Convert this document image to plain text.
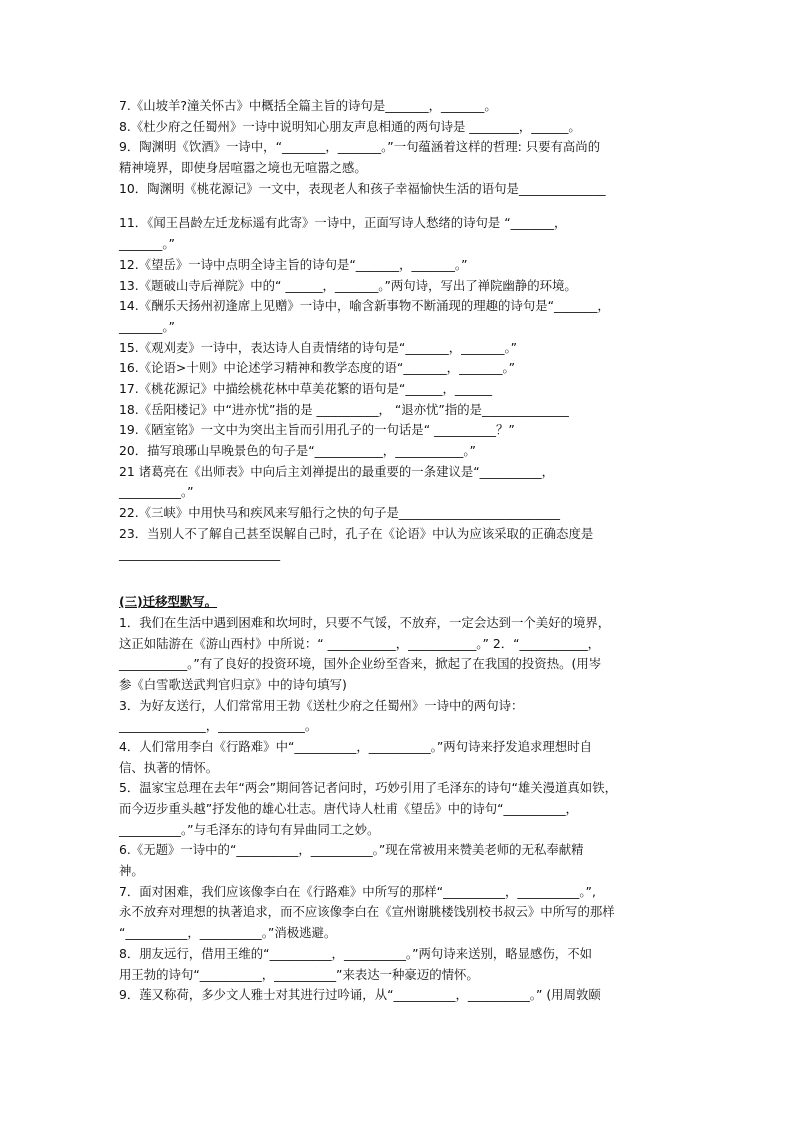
7.《山坡羊?潼关怀古》中概括全篇主旨的诗句是_______，_______。
8.《杜少府之任蜀州》一诗中说明知心朋友声息相通的两句诗是 ________，______。
9．陶渊明《饮酒》一诗中，“_______，_______。”一句蕴涵着这样的哲理: 只要有高尚的
精神境界，即使身居喧嚣之境也无喧嚣之感。
10．陶渊明《桃花源记》一文中，表现老人和孩子幸福愉快生活的语句是______________
11．《闻王昌龄左迁龙标遥有此寄》一诗中，正面写诗人愁绪的诗句是 “_______，
_______。”
12.《望岳》一诗中点明全诗主旨的诗句是“_______，_______。”
13.《题破山寺后禅院》中的“ ______，_______。”两句诗，写出了禅院幽静的环境。
14.《酬乐天扬州初逢席上见赠》一诗中，喻含新事物不断涌现的理趣的诗句是“_______，
_______。”
15.《观刈麦》一诗中，表达诗人自责情绪的诗句是“_______，_______。”
16.《论语>十则》中论述学习精神和教学态度的语“_______，_______。”
17.《桃花源记》中描绘桃花林中草美花繁的语句是“______，______
18.《岳阳楼记》中“进亦忧”指的是 __________， “退亦忧”指的是______________
19.《陋室铭》一文中为突出主旨而引用孔子的一句话是“ __________？”
20．描写琅琊山早晚景色的句子是“___________，___________。”
21 诸葛亮在《出师表》中向后主刘禅提出的最重要的一条建议是“__________，
__________。”
22.《三峡》中用快马和疾风来写船行之快的句子是__________________________
23．当别人不了解自己甚至误解自己时，孔子在《论语》中认为应该采取的正确态度是
__________________________
(三)迁移型默写。
1．我们在生活中遇到困难和坎坷时，只要不气馁，不放弃，一定会达到一个美好的境界，
这正如陆游在《游山西村》中所说：“ ___________，___________。” 2．“___________，
___________。”有了良好的投资环境，国外企业纷至沓来，掀起了在我国的投资热。(用岑
参《白雪歌送武判官归京》中的诗句填写)
3．为好友送行，人们常常用王勃《送杜少府之任蜀州》一诗中的两句诗：
______________，______________。
4．人们常用李白《行路难》中“__________，__________。”两句诗来抒发追求理想时自
信、执著的情怀。
5．温家宝总理在去年“两会”期间答记者问时，巧妙引用了毛泽东的诗句“雄关漫道真如铁，
而今迈步重头越”抒发他的雄心壮志。唐代诗人杜甫《望岳》中的诗句“__________，
__________。”与毛泽东的诗句有异曲同工之妙。
6.《无题》一诗中的“__________，__________。”现在常被用来赞美老师的无私奉献精
神。
7．面对困难，我们应该像李白在《行路难》中所写的那样“__________，__________。”,
永不放弃对理想的执著追求，而不应该像李白在《宣州谢朓楼饯别校书叔云》中所写的那样
“__________，__________。”消极逃避。
8．朋友远行，借用王维的“__________，__________。”两句诗来送别，略显感伤，不如
用王勃的诗句“__________，__________”来表达一种豪迈的情怀。
9．莲又称荷，多少文人雅士对其进行过吟诵，从“__________，__________。” (用周敦颐
